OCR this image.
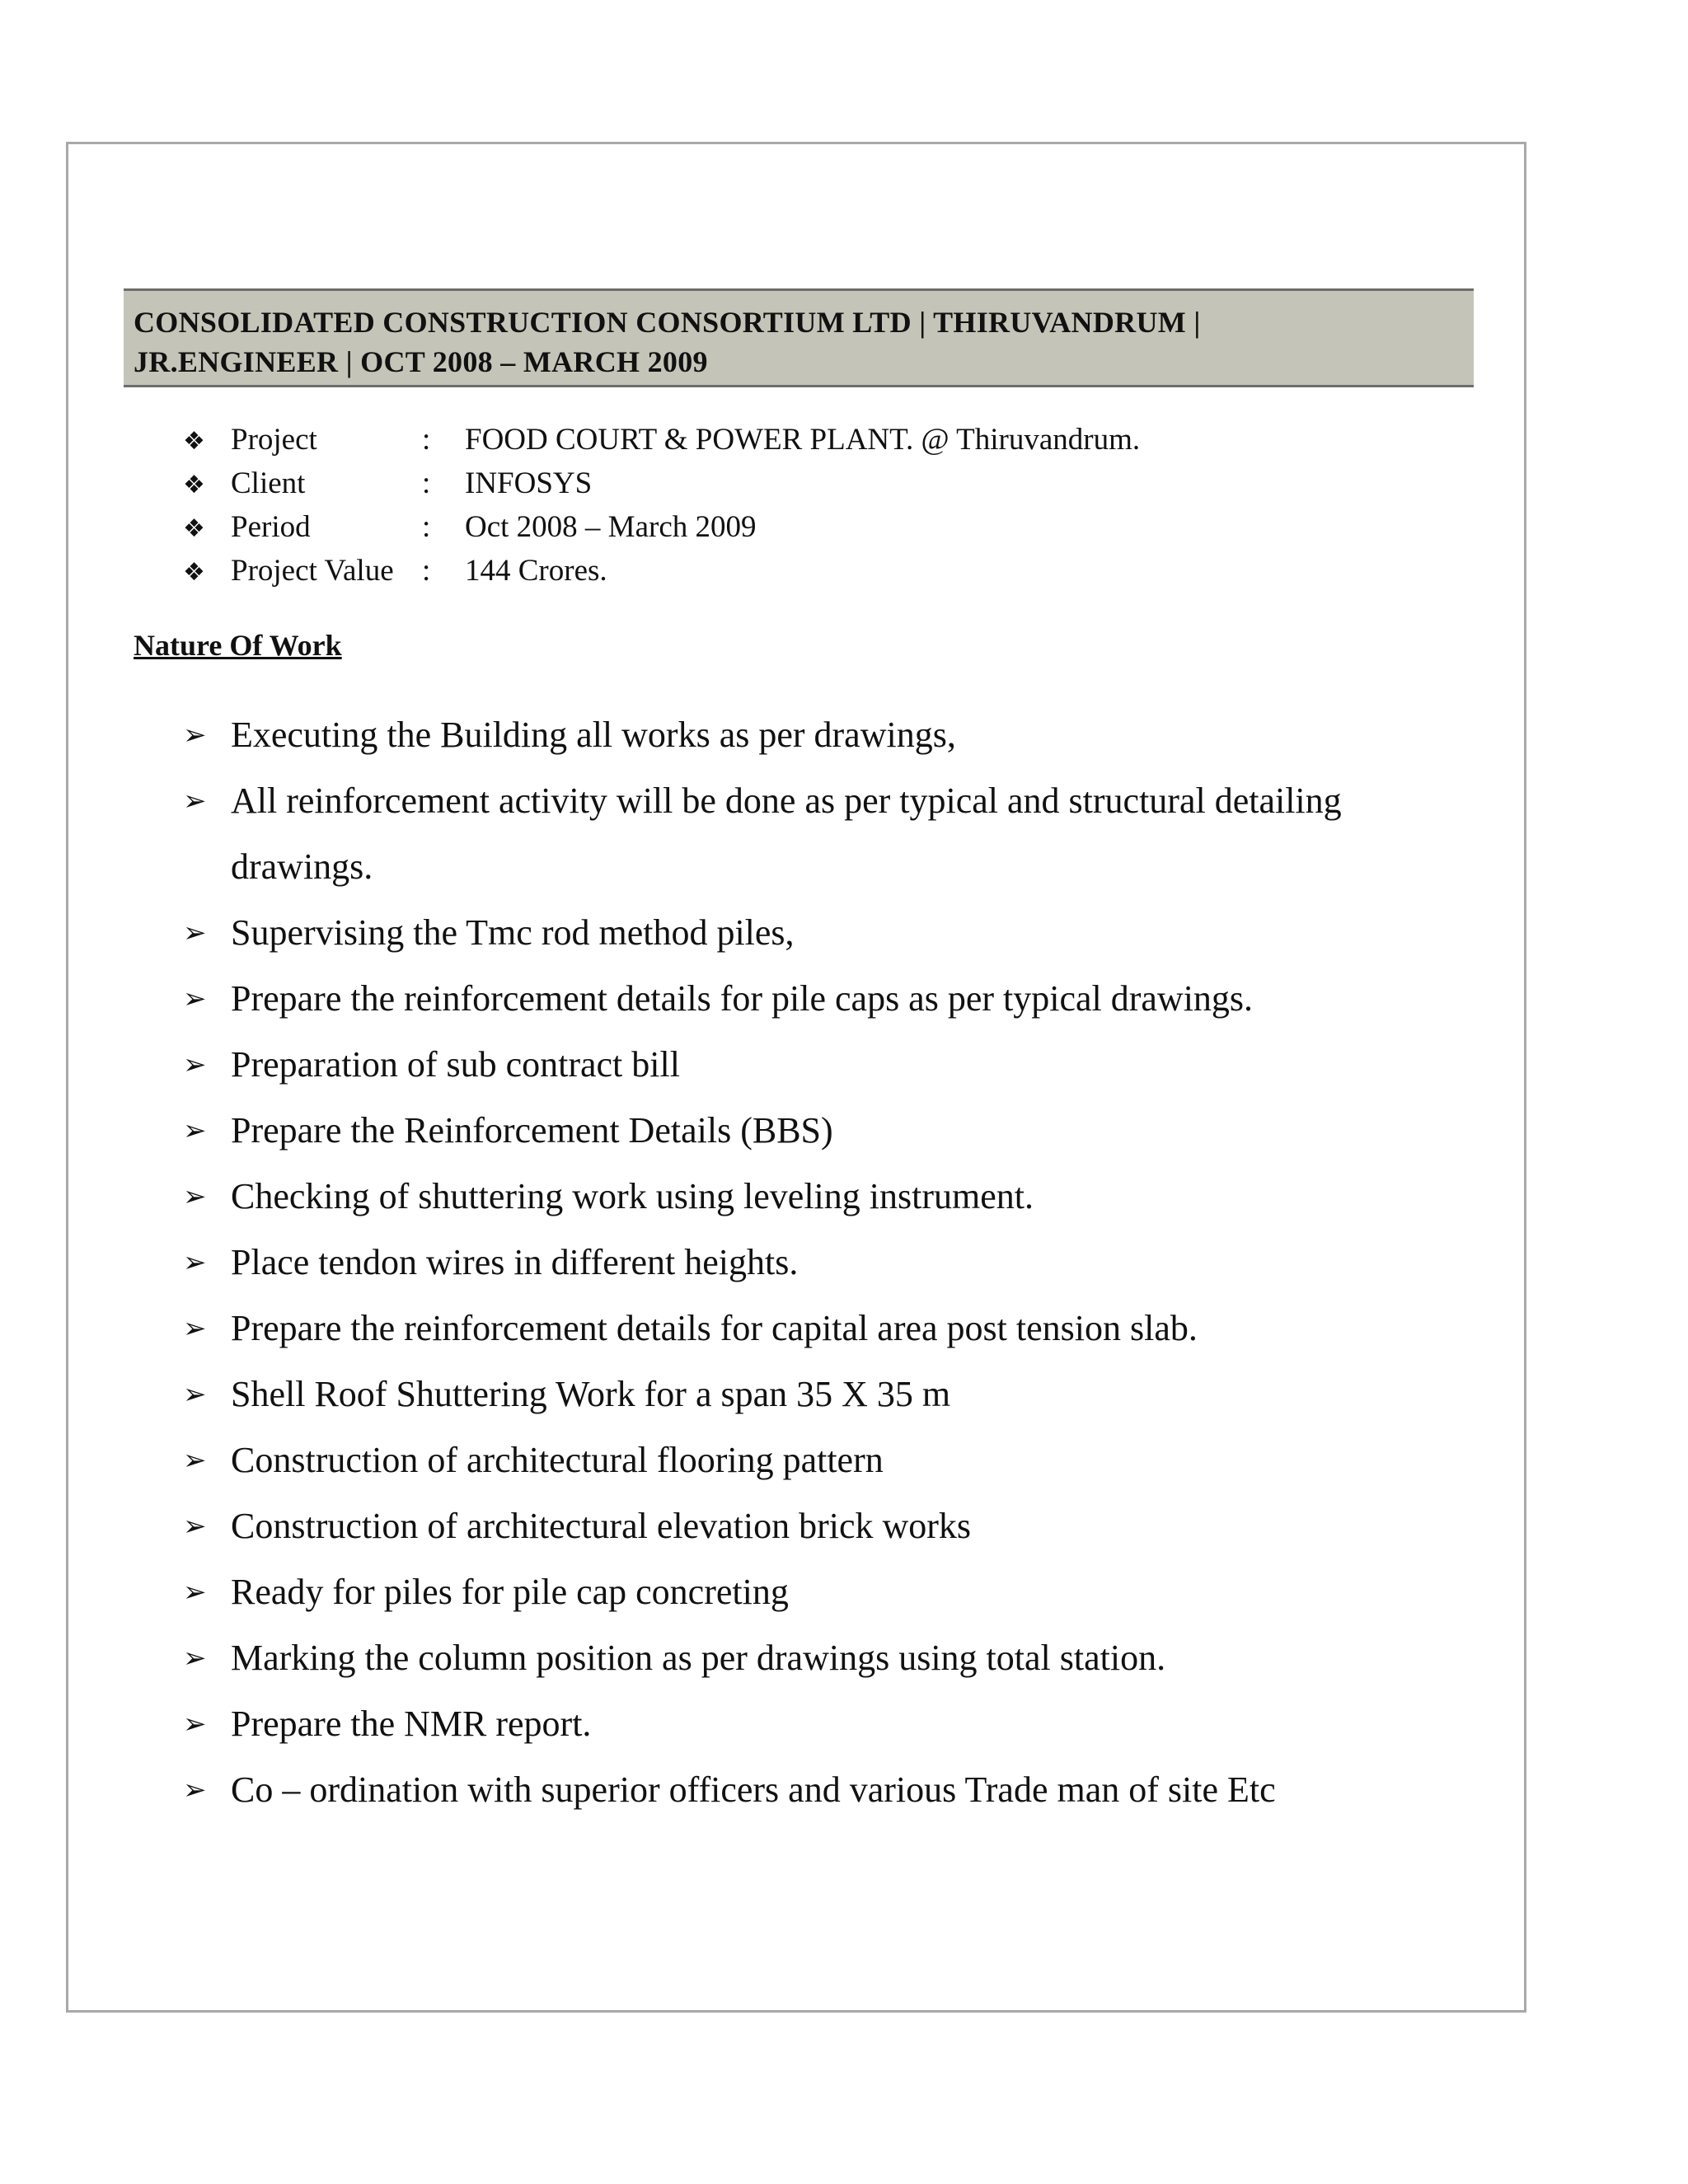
CONSOLIDATED CONSTRUCTION CONSORTIUM LTD | THIRUVANDRUM |

JR.ENGINEER | OCT 2008 – MARCH 2009

❖ Project	:	FOOD COURT & POWER PLANT. @ Thiruvandrum.
❖ Client	:	INFOSYS
❖ Period	:	Oct 2008 – March 2009
❖ Project Value :	144 Crores.

Nature Of Work

➢ Executing the Building all works as per drawings,
➢ All reinforcement activity will be done as per typical and structural detailing drawings.
➢ Supervising the Tmc rod method piles,
➢ Prepare the reinforcement details for pile caps as per typical drawings.
➢ Preparation of sub contract bill
➢ Prepare the Reinforcement Details (BBS)
➢ Checking of shuttering work using leveling instrument.
➢ Place tendon wires in different heights.
➢ Prepare the reinforcement details for capital area post tension slab.
➢ Shell Roof Shuttering Work for a span 35 X 35 m
➢ Construction of architectural flooring pattern
➢ Construction of architectural elevation brick works
➢ Ready for piles for pile cap concreting
➢ Marking the column position as per drawings using total station.
➢ Prepare the NMR report.
➢ Co – ordination with superior officers and various Trade man of site Etc
